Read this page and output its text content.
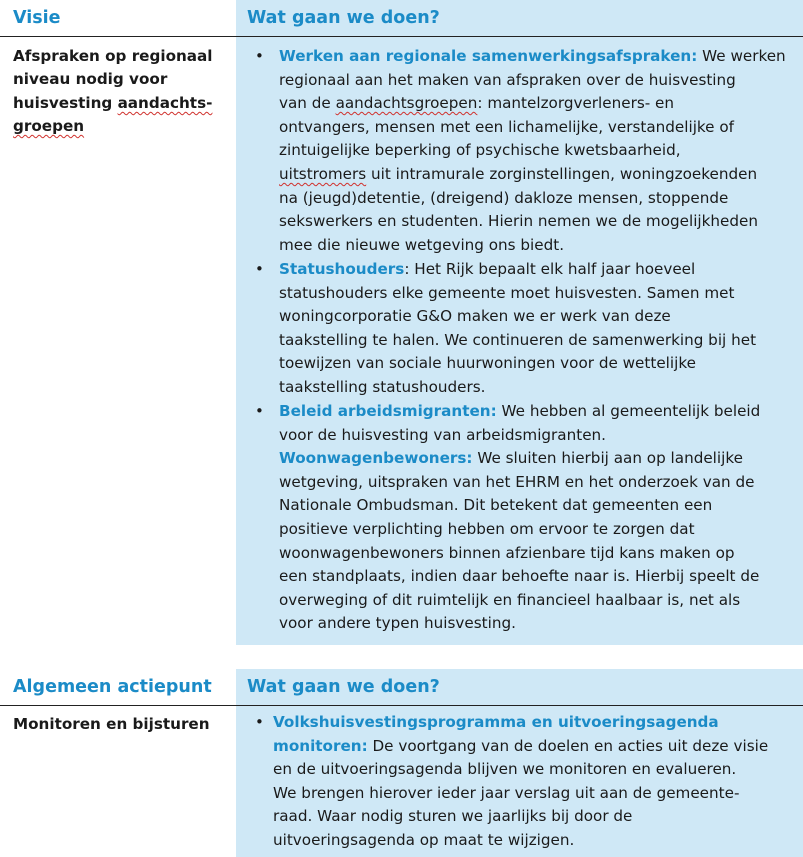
Visie	Wat gaan we doen?
Afspraken op regionaal
niveau nodig voor
huisvesting aandachts-
groepen
• Werken aan regionale samenwerkingsafspraken: We werken
regionaal aan het maken van afspraken over de huisvesting
van de aandachtsgroepen: mantelzorgverleners- en
ontvangers, mensen met een lichamelijke, verstandelijke of
zintuigelijke beperking of psychische kwetsbaarheid,
uitstromers uit intramurale zorginstellingen, woningzoekenden
na (jeugd)detentie, (dreigend) dakloze mensen, stoppende
sekswerkers en studenten. Hierin nemen we de mogelijkheden
mee die nieuwe wetgeving ons biedt.
• Statushouders: Het Rijk bepaalt elk half jaar hoeveel
statushouders elke gemeente moet huisvesten. Samen met
woningcorporatie G&O maken we er werk van deze
taakstelling te halen. We continueren de samenwerking bij het
toewijzen van sociale huurwoningen voor de wettelijke
taakstelling statushouders.
• Beleid arbeidsmigranten: We hebben al gemeentelijk beleid
voor de huisvesting van arbeidsmigranten.
Woonwagenbewoners: We sluiten hierbij aan op landelijke
wetgeving, uitspraken van het EHRM en het onderzoek van de
Nationale Ombudsman. Dit betekent dat gemeenten een
positieve verplichting hebben om ervoor te zorgen dat
woonwagenbewoners binnen afzienbare tijd kans maken op
een standplaats, indien daar behoefte naar is. Hierbij speelt de
overweging of dit ruimtelijk en financieel haalbaar is, net als
voor andere typen huisvesting.
Algemeen actiepunt Wat gaan we doen?
Monitoren en bijsturen	• Volkshuisvestingsprogramma en uitvoeringsagenda
monitoren: De voortgang van de doelen en acties uit deze visie
en de uitvoeringsagenda blijven we monitoren en evalueren.
We brengen hierover ieder jaar verslag uit aan de gemeente-
raad. Waar nodig sturen we jaarlijks bij door de
uitvoeringsagenda op maat te wijzigen.
